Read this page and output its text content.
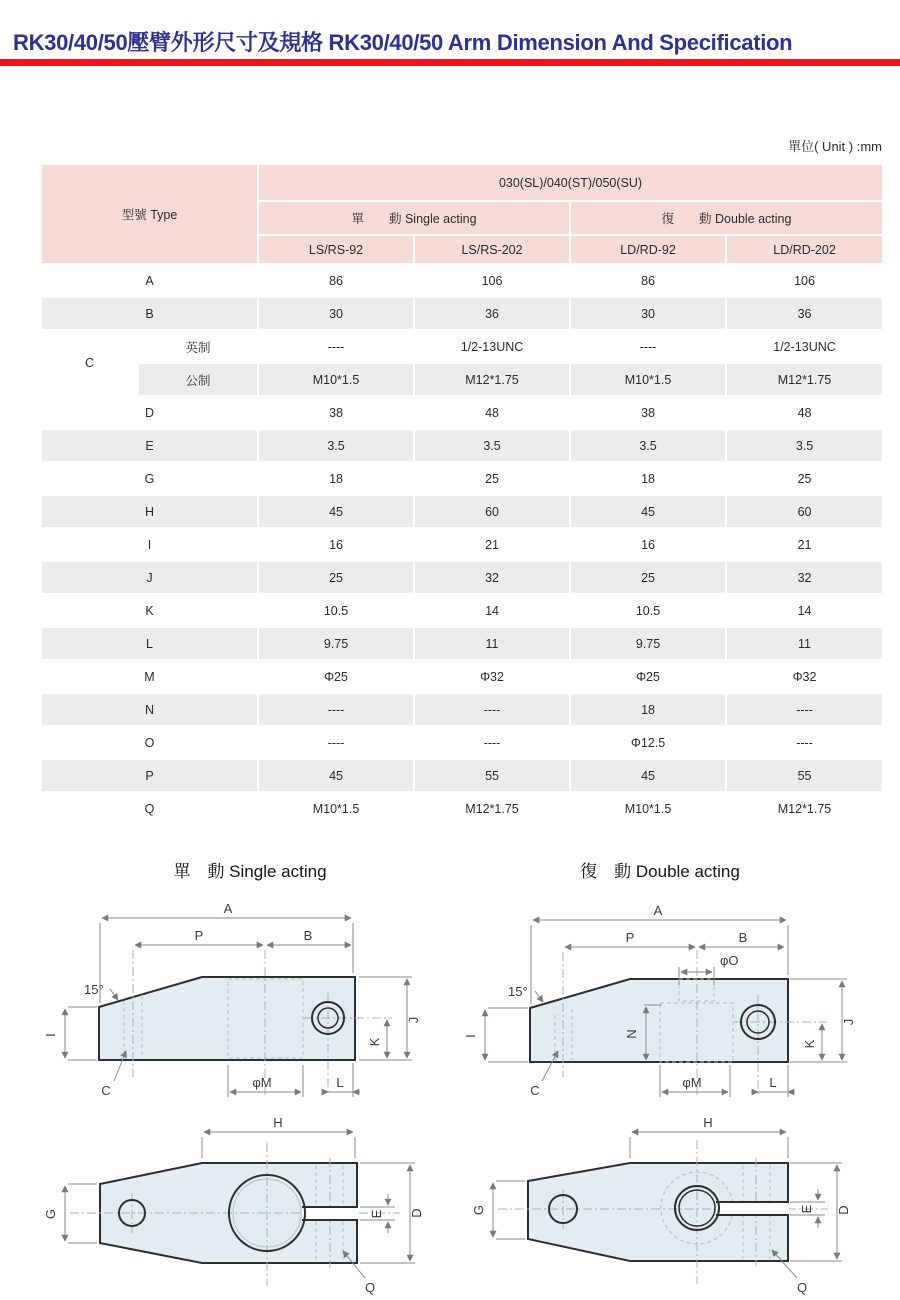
RK30/40/50壓臂外形尺寸及規格 RK30/40/50 Arm Dimension And Specification
單位( Unit ) :mm
型號 Type		030(SL)/040(ST)/050(SU)			
		單　　動 Single acting		復　　動 Double acting	
		LS/RS-92	LS/RS-202	LD/RD-92	LD/RD-202
A		86	106	86	106
B		30	36	30	36
C	英制	----	1/2-13UNC	----	1/2-13UNC
	公制	M10*1.5	M12*1.75	M10*1.5	M12*1.75
D		38	48	38	48
E		3.5	3.5	3.5	3.5
G		18	25	18	25
H		45	60	45	60
I		16	21	16	21
J		25	32	25	32
K		10.5	14	10.5	14
L		9.75	11	9.75	11
M		Φ25	Φ32	Φ25	Φ32
N		----	----	18	----
O		----	----	Φ12.5	----
P		45	55	45	55
Q		M10*1.5	M12*1.75	M10*1.5	M12*1.75
單　動 Single acting	復　動 Double acting
A
P	B
15°
I
J
K
φM	L
C
H
G	E D
Q
A
P	B
φO
15°
I	N
J
K
φM	L
C
H
G	E D
Q
